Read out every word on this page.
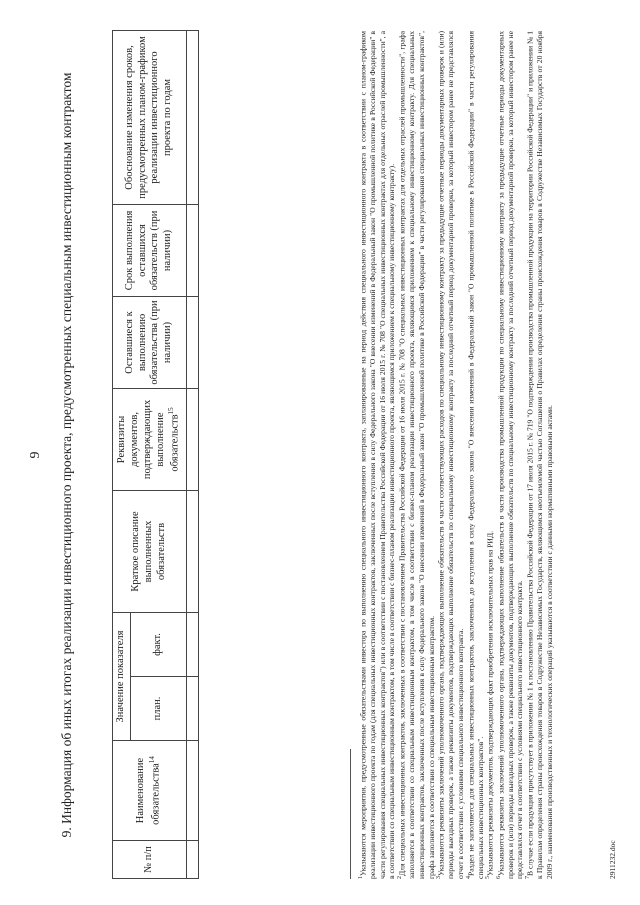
9 9. Информация об иных итогах реализации инвестиционного проекта, предусмотренных специальным инвестиционным контрактом
№ п/п	Наименование обязательства$^{14}$	Значение показателя		Краткое описание выполненных обязательств	Реквизиты документов, подтверждающих выполнение обязательств$^{15}$	Оставшиеся к выполнению обязательства (при наличии)	Срок выполнения оставшихся обязательств (при наличии)	Обоснование изменения сроков, предусмотренных планом-графиком реализации инвестиционного проекта по годам
		план.	факт.					

$^1$Указываются мероприятия, предусмотренные обязательствами инвестора по выполнению специального инвестиционного контракта, запланированные на период действия специального инвестиционного контракта в соответствии с планом-графиком реализации инвестиционного проекта по годам (для специальных инвестиционных контрактов, заключенных после вступления в силу Федерального закона "О внесении изменений в Федеральный закон "О промышленной политике в Российской Федерации" в части регулирования специальных инвестиционных контрактов") или в соответствии с постановлением Правительства Российской Федерации от 16 июля 2015 г. № 708 "О специальных инвестиционных контрактах для отдельных отраслей промышленности", а в соответствии со специальным инвестиционным контрактом, в том числе в соответствии с бизнес-планом реализации инвестиционного проекта, являющимся приложением к специальному инвестиционному контракту). $^2$Для специальных инвестиционных контрактов, заключенных в соответствии с постановлением Правительства Российской Федерации от 16 июля 2015 г. № 708 "О специальных инвестиционных контрактах для отдельных отраслей промышленности", графа заполняется в соответствии со специальным инвестиционным контрактом, в том числе в соответствии с бизнес-планом реализации инвестиционного проекта, являющимся приложением к специальному инвестиционному контракту. Для специальных инвестиционных контрактов, заключенных после вступления в силу Федерального закона "О внесении изменений в Федеральный закон "О промышленной политике в Российской Федерации" в части регулирования специальных инвестиционных контрактов", графа заполняется в соответствии со специальным инвестиционным контрактом. $^3$Указываются реквизиты заключений уполномоченного органа, подтверждающих выполнение обязательств в части соответствующих расходов по специальному инвестиционному контракту за предыдущие отчетные периоды документарных проверок и (или) периоды выездных проверок, а также реквизиты документов, подтверждающих выполнение обязательств по специальному инвестиционному контракту за последний отчетный период документарной проверки, за который инвестором ранее не представлялся отчет в соответствии с условиями специального инвестиционного контракта. $^4$Раздел не заполняется для специальных инвестиционных контрактов, заключенных до вступления в силу Федерального закона "О внесении изменений в Федеральный закон "О промышленной политике в Российской Федерации" в части регулирования специальных инвестиционных контрактов". $^5$Указываются реквизиты документов, подтверждающих факт приобретения исключительных прав на РИД.

$^6$Указываются реквизиты заключений уполномоченного органа, подтверждающих выполнение обязательств в части производства промышленной продукции по специальному инвестиционному контракту за предыдущие отчетные периоды документарных проверок и (или) периоды выездных проверок, а также реквизиты документов, подтверждающих выполнение обязательств по специальному инвестиционному контракту за последний отчетный период документарной проверки, за который инвестором ранее не представлялся отчет в соответствии с условиями специального инвестиционного контракта. $^7$В случае если продукция присутствует в приложении № 1 к постановлению Правительства Российской Федерации от 17 июля 2015 г. № 719 "О подтверждении производства промышленной продукции на территории Российской Федерации" и приложении № 1 к Правилам определения страны происхождения товаров в Содружестве Независимых Государств, являющимся неотъемлемой частью Соглашения о Правилах определения страны происхождения товаров в Содружестве Независимых Государств от 20 ноября 2009 г., наименования производственных и технологических операций указываются в соответствии с данными нормативными правовыми актами.	2911232.doc
